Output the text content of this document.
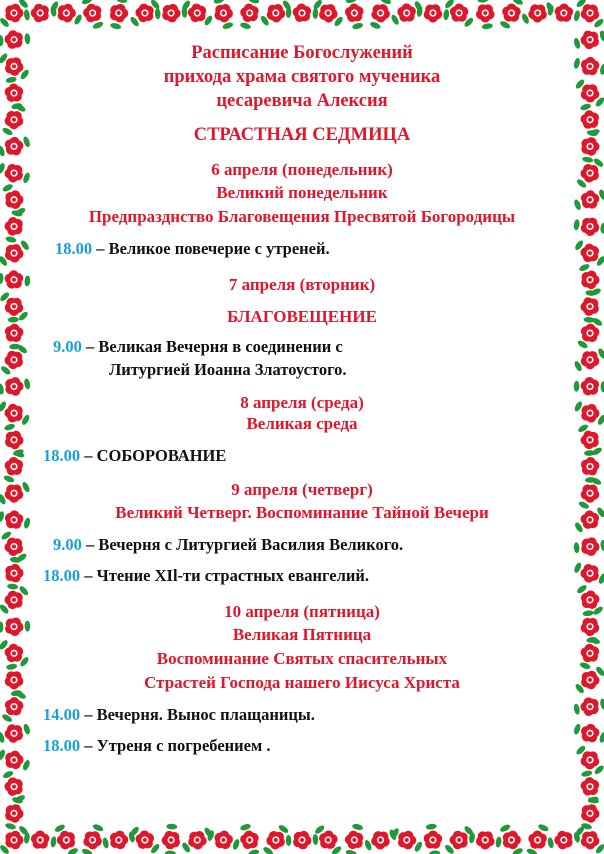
Расписание Богослужений
прихода храма святого мученика
цесаревича Алексия
СТРАСТНАЯ СЕДМИЦА
6 апреля (понедельник)
Великий понедельник
Предпразднство Благовещения Пресвятой Богородицы
18.00 – Великое повечерие с утреней.
7 апреля (вторник)
БЛАГОВЕЩЕНИЕ
9.00 – Великая Вечерня в соединении с
Литургией Иоанна Златоустого.
8 апреля (среда)
Великая среда
18.00 – СОБОРОВАНИЕ
9 апреля (четверг)
Великий Четверг. Воспоминание Тайной Вечери
9.00 – Вечерня с Литургией Василия Великого.
18.00 – Чтение XIl-ти страстных евангелий.
10 апреля (пятница)
Великая Пятница
Воспоминание Святых спасительных
Страстей Господа нашего Иисуса Христа
14.00 – Вечерня. Вынос плащаницы.
18.00 – Утреня с погребением .
